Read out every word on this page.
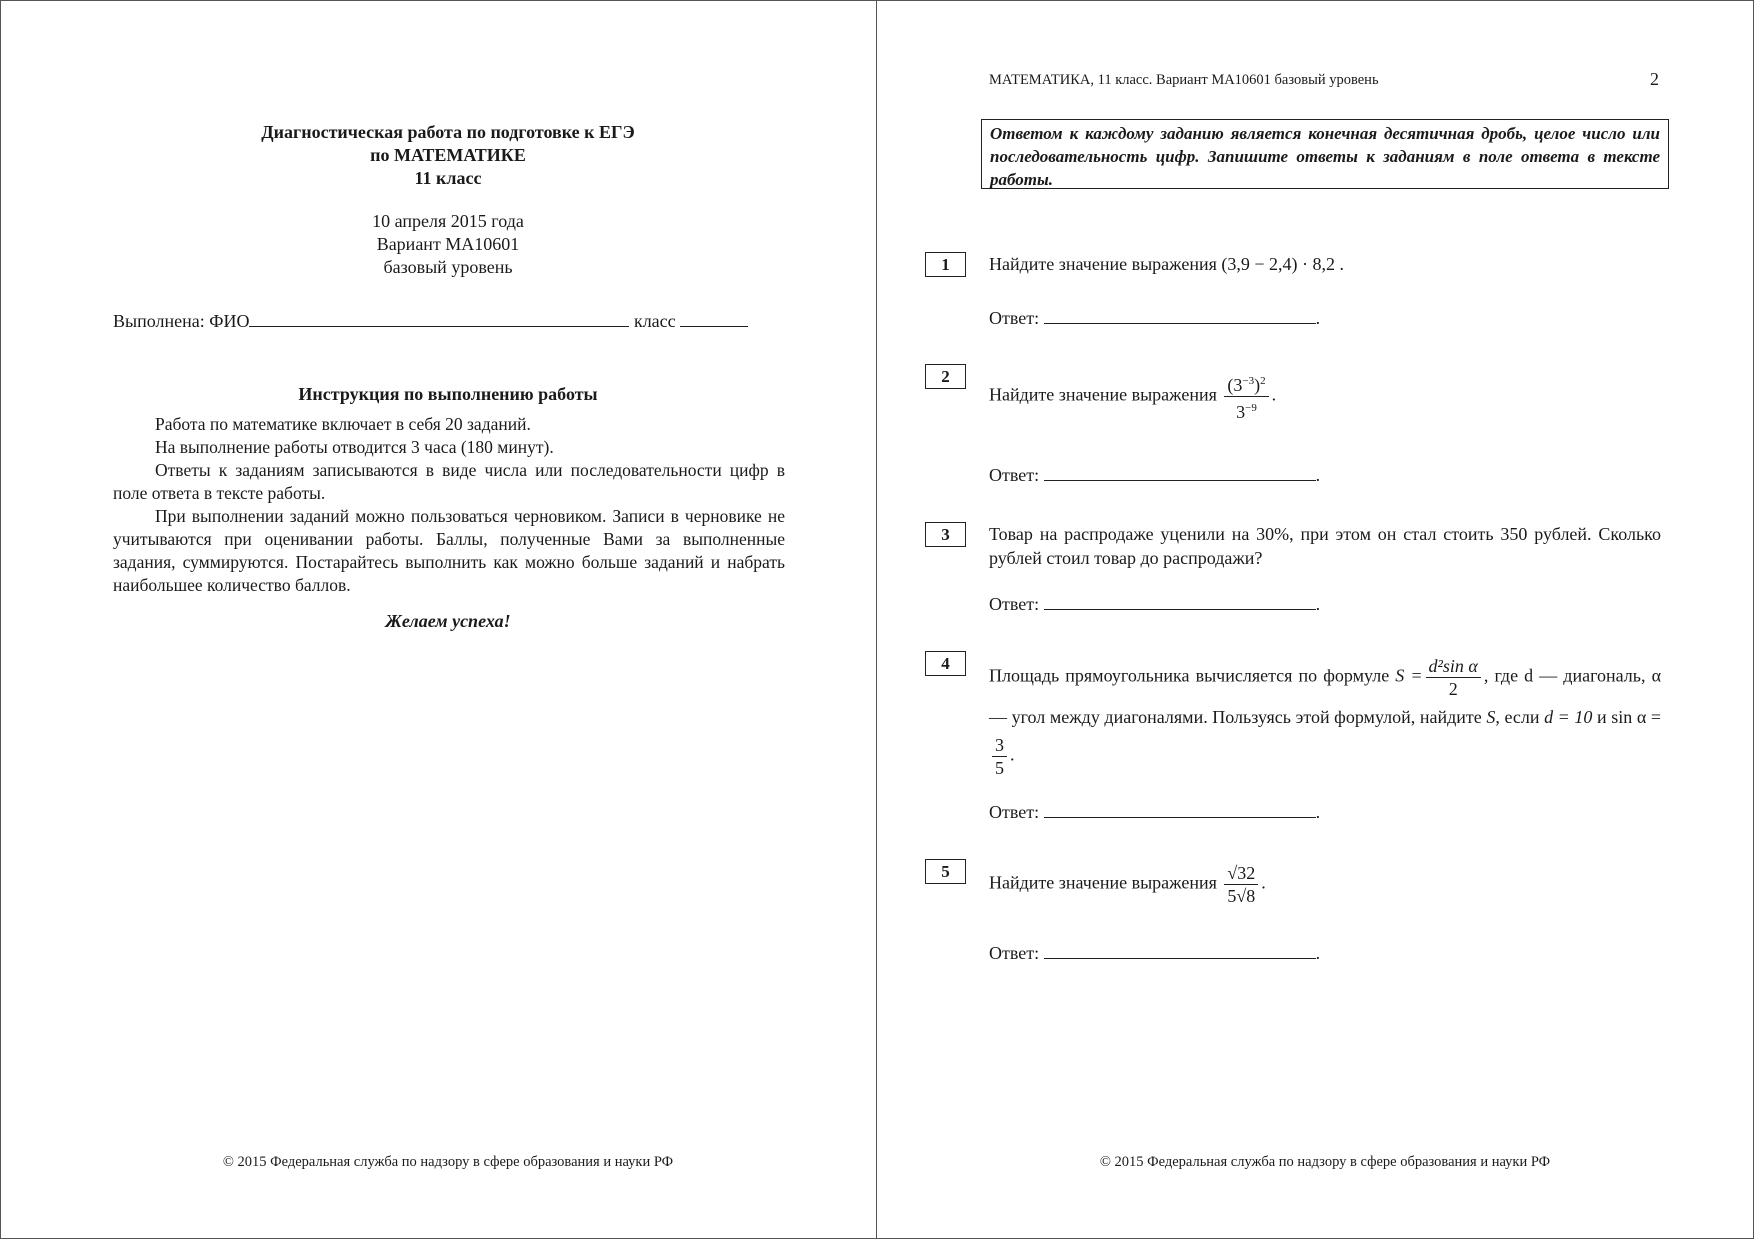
Диагностическая работа по подготовке к ЕГЭ
по МАТЕМАТИКЕ
11 класс
10 апреля 2015 года
Вариант МА10601
базовый уровень
Выполнена: ФИО	класс
Инструкция по выполнению работы

Работа по математике включает в себя 20 заданий.

На выполнение работы отводится 3 часа (180 минут).

Ответы к заданиям записываются в виде числа или последовательности цифр в поле ответа в тексте работы.

При выполнении заданий можно пользоваться черновиком. Записи в черновике не учитываются при оценивании работы. Баллы, полученные Вами за выполненные задания, суммируются. Постарайтесь выполнить как можно больше заданий и набрать наибольшее количество баллов.

Желаем успеха!
© 2015 Федеральная служба по надзору в сфере образования и науки РФ
МАТЕМАТИКА, 11 класс. Вариант МА10601 базовый уровень	2
Ответом к каждому заданию является конечная десятичная дробь, целое число или последовательность цифр. Запишите ответы к заданиям в поле ответа в тексте работы.
1	Найдите значение выражения (3,9 − 2,4) · 8,2 .
Ответ:	.
2
Найдите значение выражения $\frac{(3^{-3})^2}{3^{-9}}$ .
Ответ:	.
3	Товар на распродаже уценили на 30%, при этом он стал стоить 350 рублей. Сколько рублей стоил товар до распродажи?
Ответ:	.
4
Площадь прямоугольника вычисляется по формуле $S = \frac{\text{d²sin α}}{2}$ , где d — диагональ, α — угол между диагоналями. Пользуясь этой формулой, найдите S, если d = 10 и sin α =
$\frac{3}{5}$ .
Ответ:	.
5
Найдите значение выражения $\frac{√32}{5√8}$ .
Ответ:	.
© 2015 Федеральная служба по надзору в сфере образования и науки РФ
